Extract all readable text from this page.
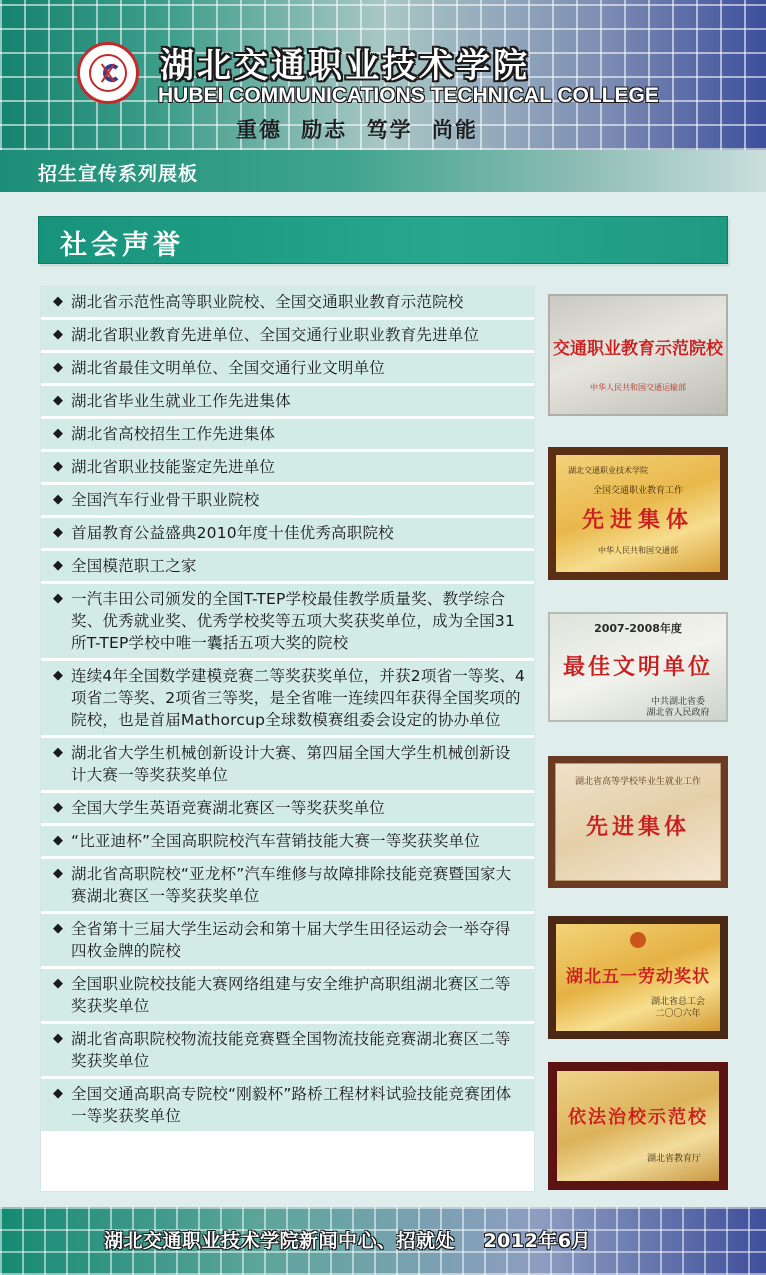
湖北交通职业技术学院
HUBEI COMMUNICATIONS TECHNICAL COLLEGE
重德 励志 笃学 尚能
招生宣传系列展板
社会声誉
◆ 湖北省示范性高等职业院校、全国交通职业教育示范院校
◆ 湖北省职业教育先进单位、全国交通行业职业教育先进单位
◆ 湖北省最佳文明单位、全国交通行业文明单位
◆ 湖北省毕业生就业工作先进集体
◆ 湖北省高校招生工作先进集体
◆ 湖北省职业技能鉴定先进单位
◆ 全国汽车行业骨干职业院校
◆ 首届教育公益盛典2010年度十佳优秀高职院校
◆ 全国模范职工之家
◆ 一汽丰田公司颁发的全国T-TEP学校最佳教学质量奖、教学综合奖、优秀就业奖、优秀学校奖等五项大奖获奖单位，成为全国31所T-TEP学校中唯一囊括五项大奖的院校
◆ 连续4年全国数学建模竞赛二等奖获奖单位，并获2项省一等奖、4项省二等奖、2项省三等奖，是全省唯一连续四年获得全国奖项的院校，也是首届Mathorcup全球数模赛组委会设定的协办单位
◆ 湖北省大学生机械创新设计大赛、第四届全国大学生机械创新设计大赛一等奖获奖单位
◆ 全国大学生英语竞赛湖北赛区一等奖获奖单位
◆ “比亚迪杯”全国高职院校汽车营销技能大赛一等奖获奖单位
◆ 湖北省高职院校“亚龙杯”汽车维修与故障排除技能竞赛暨国家大赛湖北赛区一等奖获奖单位
◆ 全省第十三届大学生运动会和第十届大学生田径运动会一举夺得四枚金牌的院校
◆ 全国职业院校技能大赛网络组建与安全维护高职组湖北赛区二等奖获奖单位
◆ 湖北省高职院校物流技能竞赛暨全国物流技能竞赛湖北赛区二等奖获奖单位
◆ 全国交通高职高专院校“刚毅杯”路桥工程材料试验技能竞赛团体一等奖获奖单位
交通职业教育示范院校
中华人民共和国交通运输部
湖北交通职业技术学院
全国交通职业教育工作
先进集体
中华人民共和国交通部
2007-2008年度
最佳文明单位
中共湖北省委
湖北省人民政府
湖北省高等学校毕业生就业工作
先进集体
湖北五一劳动奖状
湖北省总工会
二〇〇六年
依法治校示范校
湖北省教育厅
湖北交通职业技术学院新闻中心、招就处    2012年6月
